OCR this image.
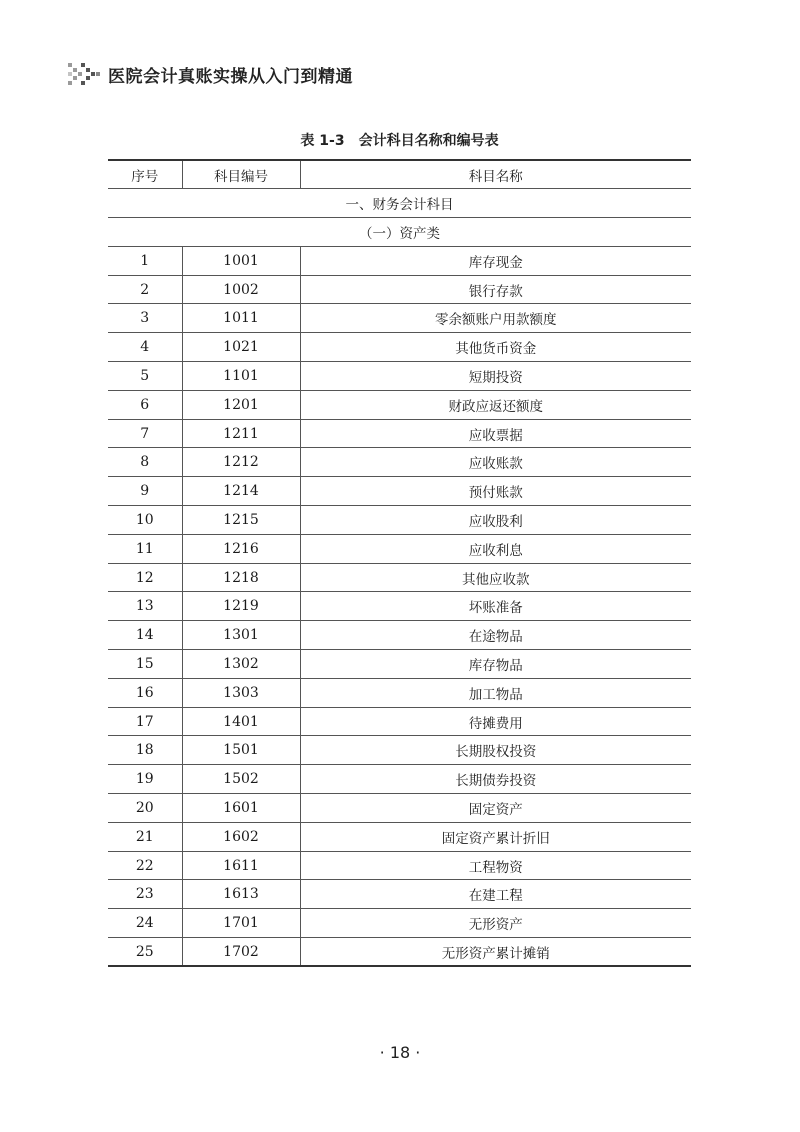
医院会计真账实操从入门到精通
表 1-3 会计科目名称和编号表
序号	科目编号	科目名称
一、财务会计科目		
（一）资产类		
1	1001	库存现金
2	1002	银行存款
3	1011	零余额账户用款额度
4	1021	其他货币资金
5	1101	短期投资
6	1201	财政应返还额度
7	1211	应收票据
8	1212	应收账款
9	1214	预付账款
10	1215	应收股利
11	1216	应收利息
12	1218	其他应收款
13	1219	坏账准备
14	1301	在途物品
15	1302	库存物品
16	1303	加工物品
17	1401	待摊费用
18	1501	长期股权投资
19	1502	长期债券投资
20	1601	固定资产
21	1602	固定资产累计折旧
22	1611	工程物资
23	1613	在建工程
24	1701	无形资产
25	1702	无形资产累计摊销
· 18 ·
